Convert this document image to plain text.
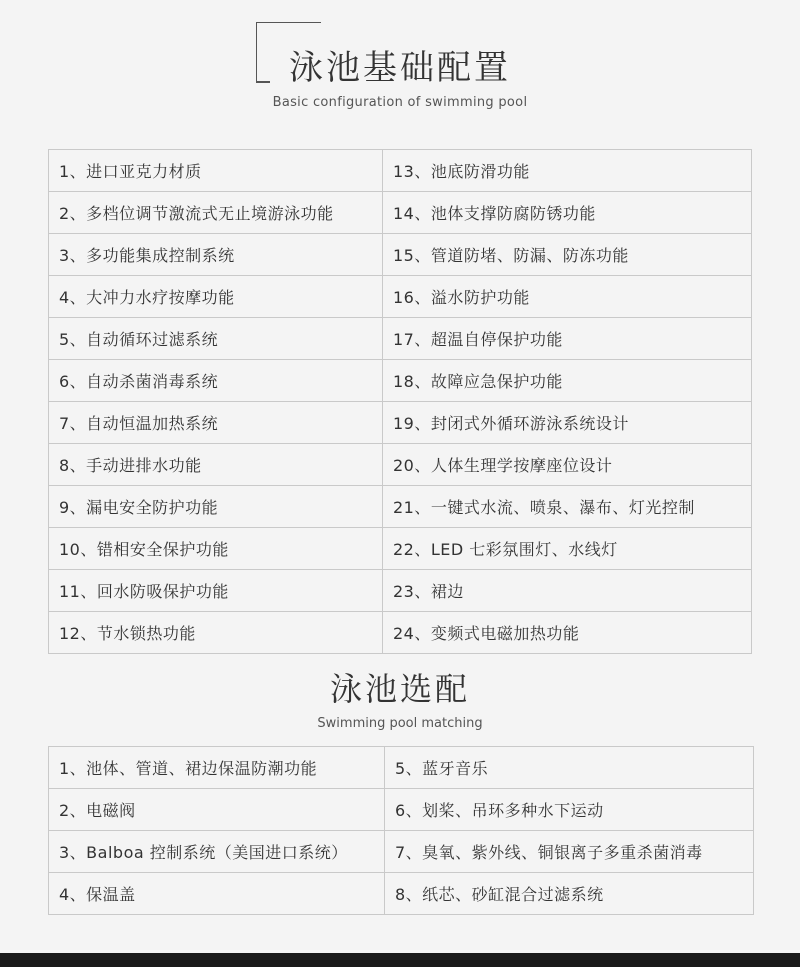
泳池基础配置
Basic configuration of swimming pool
1、进口亚克力材质	13、池底防滑功能
2、多档位调节激流式无止境游泳功能	14、池体支撑防腐防锈功能
3、多功能集成控制系统	15、管道防堵、防漏、防冻功能
4、大冲力水疗按摩功能	16、溢水防护功能
5、自动循环过滤系统	17、超温自停保护功能
6、自动杀菌消毒系统	18、故障应急保护功能
7、自动恒温加热系统	19、封闭式外循环游泳系统设计
8、手动进排水功能	20、人体生理学按摩座位设计
9、漏电安全防护功能	21、一键式水流、喷泉、瀑布、灯光控制
10、错相安全保护功能	22、LED 七彩氛围灯、水线灯
11、回水防吸保护功能	23、裙边
12、节水锁热功能	24、变频式电磁加热功能
泳池选配
Swimming pool matching
1、池体、管道、裙边保温防潮功能	5、蓝牙音乐
2、电磁阀	6、划桨、吊环多种水下运动
3、Balboa 控制系统（美国进口系统）	7、臭氧、紫外线、铜银离子多重杀菌消毒
4、保温盖	8、纸芯、砂缸混合过滤系统
